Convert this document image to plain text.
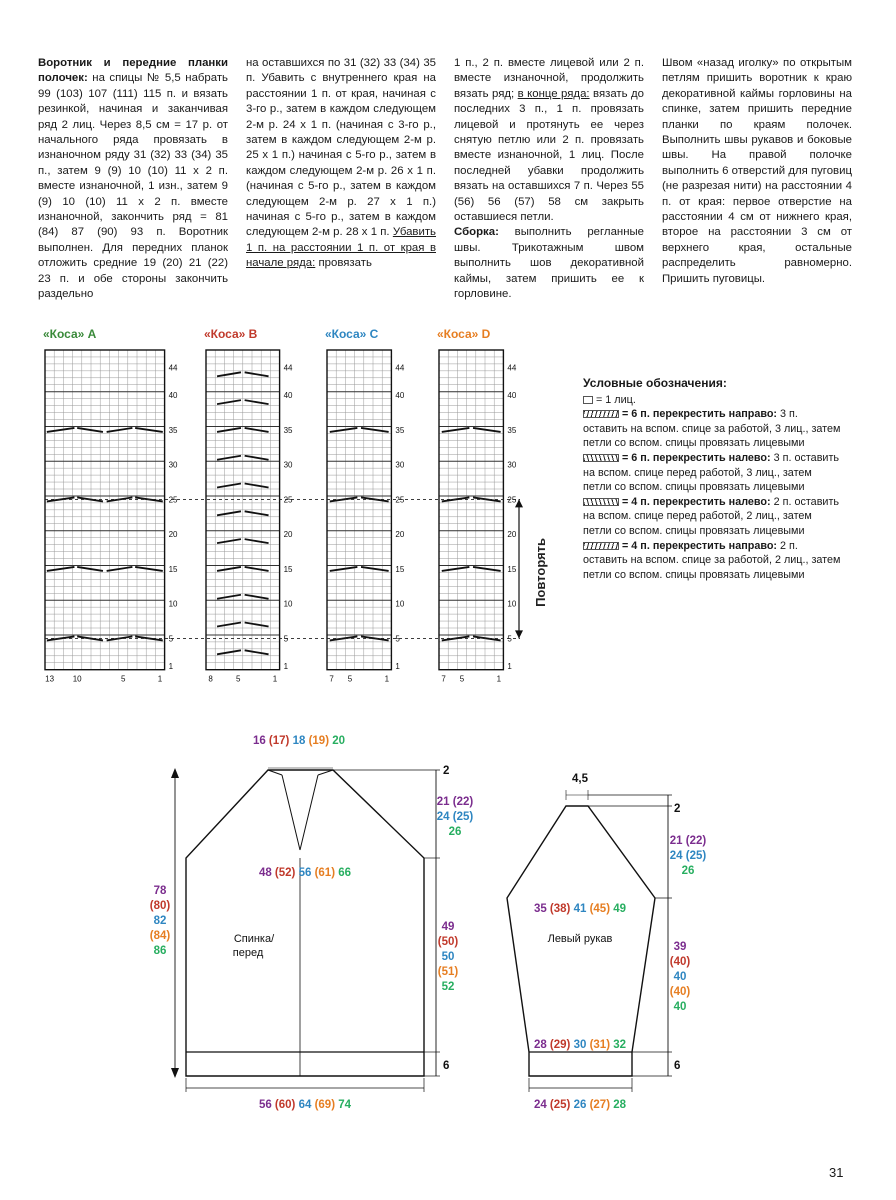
Воротник и передние планки полочек: на спицы № 5,5 набрать 99 (103) 107 (111) 115 п. и вязать резинкой, начиная и заканчивая ряд 2 лиц. Через 8,5 см = 17 р. от начального ряда провязать в изнаночном ряду 31 (32) 33 (34) 35 п., затем 9 (9) 10 (10) 11 х 2 п. вместе изнаночной, 1 изн., затем 9 (9) 10 (10) 11 х 2 п. вместе изнаночной, закончить ряд = 81 (84) 87 (90) 93 п. Воротник выполнен. Для передних планок отложить средние 19 (20) 21 (22) 23 п. и обе стороны закончить раздельно

на оставшихся по 31 (32) 33 (34) 35 п. Убавить с внутреннего края на расстоянии 1 п. от края, начиная с 3-го р., затем в каждом следующем 2-м р. 24 х 1 п. (начиная с 3-го р., затем в каждом следующем 2-м р. 25 х 1 п.) начиная с 5-го р., затем в каждом следующем 2-м р. 26 х 1 п. (начиная с 5-го р., затем в каждом следующем 2-м р. 27 х 1 п.) начиная с 5-го р., затем в каждом следующем 2-м р. 28 х 1 п. Убавить 1 п. на расстоянии 1 п. от края в начале ряда: провязать

1 п., 2 п. вместе лицевой или 2 п. вместе изнаночной, продолжить вязать ряд; в конце ряда: вязать до последних 3 п., 1 п. провязать лицевой и протянуть ее через снятую петлю или 2 п. провязать вместе изнаночной, 1 лиц. После последней убавки продолжить вязать на оставшихся 7 п. Через 55 (56) 56 (57) 58 см закрыть оставшиеся петли.

Сборка: выполнить регланные швы. Трикотажным швом выполнить шов декоративной каймы, затем пришить ее к горловине.

Швом «назад иголку» по открытым петлям пришить воротник к краю декоративной каймы горловины на спинке, затем пришить передние планки по краям полочек. Выполнить швы рукавов и боковые швы. На правой полочке выполнить 6 отверстий для пуговиц (не разрезая нити) на расстоянии 4 п. от края: первое отверстие на расстоянии 4 см от нижнего края, второе на расстоянии 3 см от верхнего края, остальные распределить равномерно. Пришить пуговицы.

«Коса» A
44
40
35
30
25
20
15
10
5
1
13 10	5	1
«Коса» B
44
40
35
30
25
20
15
10
5
1
8	5	1
«Коса» C
44
40
35
30
25
20
15
10
5
1
7 5	1
«Коса» D
44
40
35
30
25
20
15
10
5
1
7 5	1
Повторять
Спинка/
перед
16 (17) 18 (19) 20
48 (52) 56 (61) 66
56 (60) 64 (69) 74
2
6
21 (22)
24 (25)
26
49
(50)
50
(51)
52
78
(80)
82
(84)
86
4,5
35 (38) 41 (45) 49
Левый рукав
28 (29) 30 (31) 32
24 (25) 26 (27) 28
2
6
21 (22)
24 (25)
26
39
(40)
40
(40)
40
Условные обозначения:
= 1 лиц.
= 6 п. перекрестить направо: 3 п. оставить на вспом. спице за работой, 3 лиц., затем петли со вспом. спицы провязать лицевыми
= 6 п. перекрестить налево: 3 п. оставить на вспом. спице перед работой, 3 лиц., затем петли со вспом. спицы провязать лицевыми
= 4 п. перекрестить налево: 2 п. оставить на вспом. спице перед работой, 2 лиц., затем петли со вспом. спицы провязать лицевыми
= 4 п. перекрестить направо: 2 п. оставить на вспом. спице за работой, 2 лиц., затем петли со вспом. спицы провязать лицевыми
31
